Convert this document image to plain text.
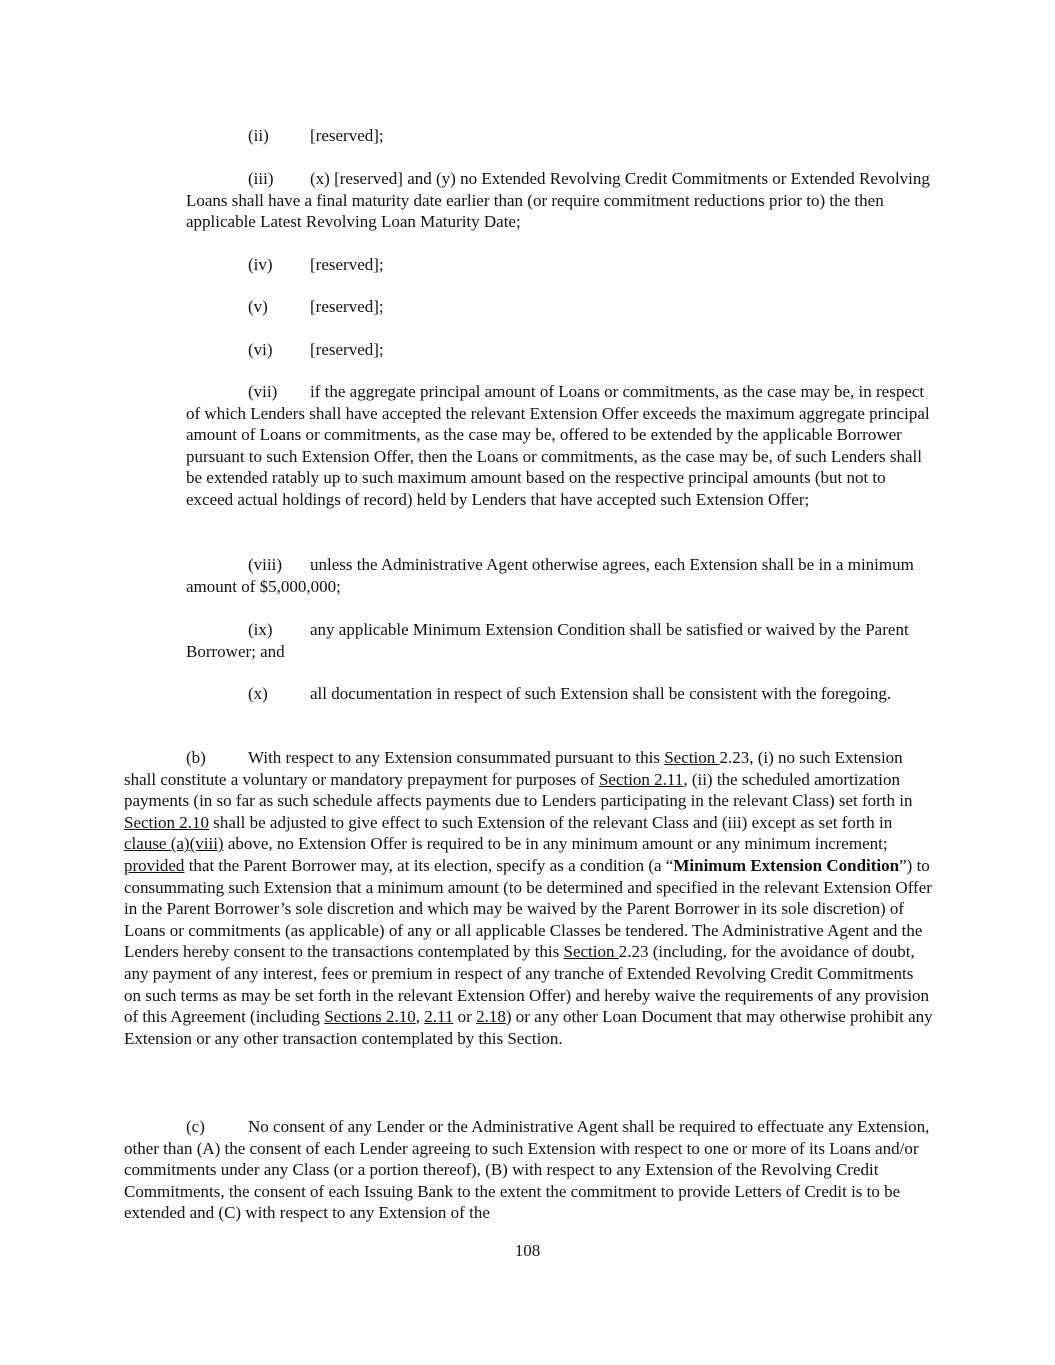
(ii) [reserved];

(iii) (x) [reserved] and (y) no Extended Revolving Credit Commitments or Extended Revolving Loans shall have a final maturity date earlier than (or require commitment reductions prior to) the then applicable Latest Revolving Loan Maturity Date;

(iv) [reserved];

(v) [reserved];

(vi) [reserved];

(vii) if the aggregate principal amount of Loans or commitments, as the case may be, in respect of which Lenders shall have accepted the relevant Extension Offer exceeds the maximum aggregate principal amount of Loans or commitments, as the case may be, offered to be extended by the applicable Borrower pursuant to such Extension Offer, then the Loans or commitments, as the case may be, of such Lenders shall be extended ratably up to such maximum amount based on the respective principal amounts (but not to exceed actual holdings of record) held by Lenders that have accepted such Extension Offer;

(viii) unless the Administrative Agent otherwise agrees, each Extension shall be in a minimum amount of $5,000,000;

(ix) any applicable Minimum Extension Condition shall be satisfied or waived by the Parent Borrower; and

(x) all documentation in respect of such Extension shall be consistent with the foregoing.

(b) With respect to any Extension consummated pursuant to this Section 2.23, (i) no such Extension shall constitute a voluntary or mandatory prepayment for purposes of Section 2.11, (ii) the scheduled amortization payments (in so far as such schedule affects payments due to Lenders participating in the relevant Class) set forth in Section 2.10 shall be adjusted to give effect to such Extension of the relevant Class and (iii) except as set forth in clause (a)(viii) above, no Extension Offer is required to be in any minimum amount or any minimum increment; provided that the Parent Borrower may, at its election, specify as a condition (a “Minimum Extension Condition”) to consummating such Extension that a minimum amount (to be determined and specified in the relevant Extension Offer in the Parent Borrower’s sole discretion and which may be waived by the Parent Borrower in its sole discretion) of Loans or commitments (as applicable) of any or all applicable Classes be tendered. The Administrative Agent and the Lenders hereby consent to the transactions contemplated by this Section 2.23 (including, for the avoidance of doubt, any payment of any interest, fees or premium in respect of any tranche of Extended Revolving Credit Commitments on such terms as may be set forth in the relevant Extension Offer) and hereby waive the requirements of any provision of this Agreement (including Sections 2.10, 2.11 or 2.18) or any other Loan Document that may otherwise prohibit any Extension or any other transaction contemplated by this Section.

(c)	No consent of any Lender or the Administrative Agent shall be required to effectuate any Extension, other than (A) the consent of each Lender agreeing to such Extension with respect to one or more of its Loans and/or commitments under any Class (or a portion thereof), (B) with respect to any Extension of the Revolving Credit Commitments, the consent of each Issuing Bank to the extent the commitment to provide Letters of Credit is to be extended and (C) with respect to any Extension of the

108
